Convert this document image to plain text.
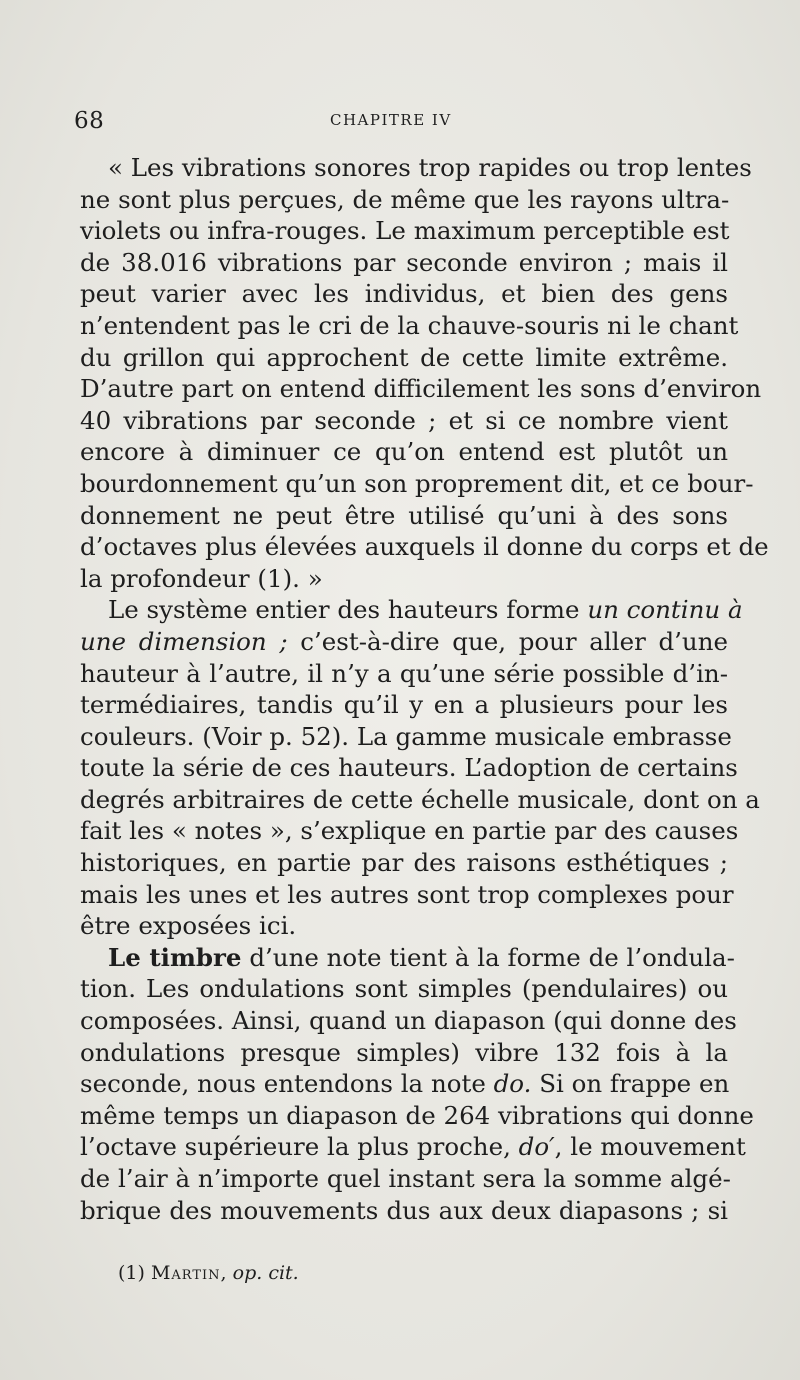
68	CHAPITRE IV
« Les vibrations sonores trop rapides ou trop lentes
ne sont plus perçues, de même que les rayons ultra-
violets ou infra-rouges. Le maximum perceptible est
de 38.016 vibrations par seconde environ ; mais il
peut varier avec les individus, et bien des gens
n’entendent pas le cri de la chauve-souris ni le chant
du grillon qui approchent de cette limite extrême.
D’autre part on entend difficilement les sons d’environ
40 vibrations par seconde ; et si ce nombre vient
encore à diminuer ce qu’on entend est plutôt un
bourdonnement qu’un son proprement dit, et ce bour-
donnement ne peut être utilisé qu’uni à des sons
d’octaves plus élevées auxquels il donne du corps et de
la profondeur (1). »
Le système entier des hauteurs forme un continu à
une dimension ; c’est-à-dire que, pour aller d’une
hauteur à l’autre, il n’y a qu’une série possible d’in-
termédiaires, tandis qu’il y en a plusieurs pour les
couleurs. (Voir p. 52). La gamme musicale embrasse
toute la série de ces hauteurs. L’adoption de certains
degrés arbitraires de cette échelle musicale, dont on a
fait les « notes », s’explique en partie par des causes
historiques, en partie par des raisons esthétiques ;
mais les unes et les autres sont trop complexes pour
être exposées ici.
Le timbre d’une note tient à la forme de l’ondula-
tion. Les ondulations sont simples (pendulaires) ou
composées. Ainsi, quand un diapason (qui donne des
ondulations presque simples) vibre 132 fois à la
seconde, nous entendons la note do. Si on frappe en
même temps un diapason de 264 vibrations qui donne
l’octave supérieure la plus proche, do′, le mouvement
de l’air à n’importe quel instant sera la somme algé-
brique des mouvements dus aux deux diapasons ; si
(1) Martin, op. cit.
